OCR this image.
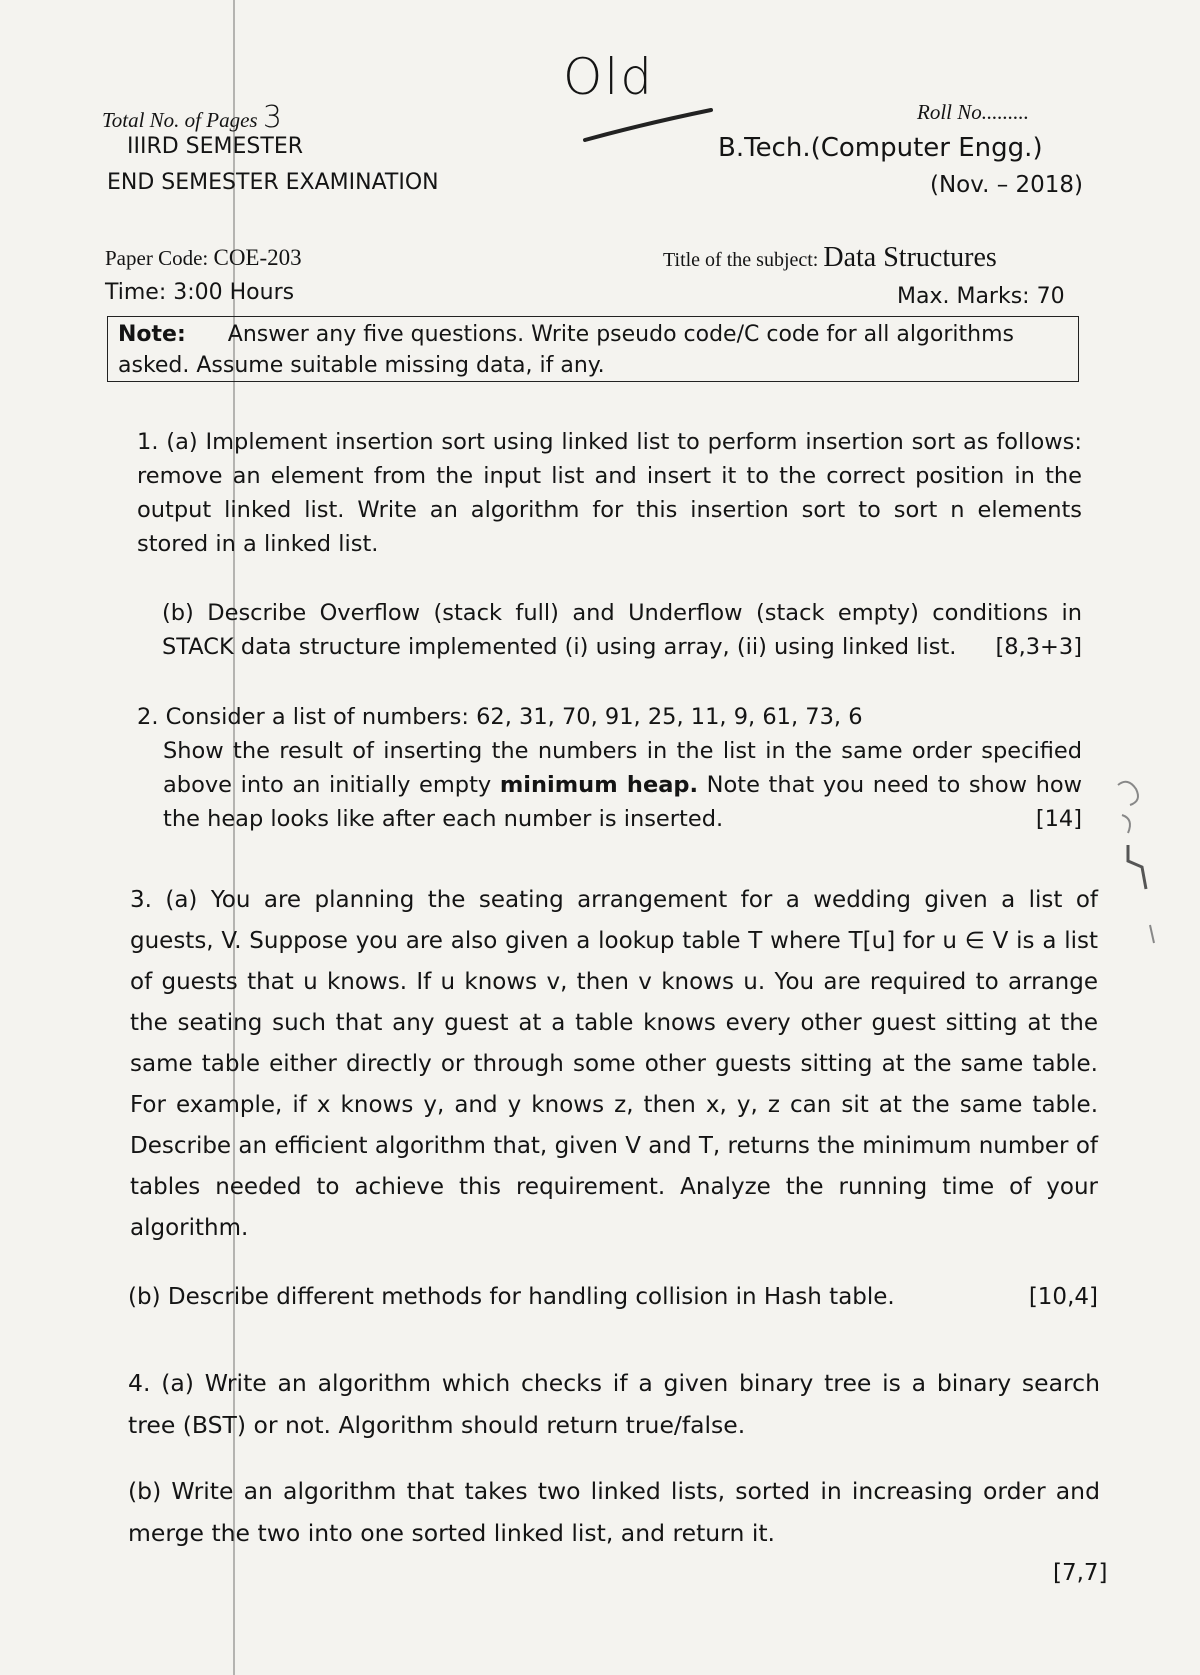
Total No. of Pages 3
IIIRD SEMESTER
END SEMESTER EXAMINATION
Old
Roll No.........
B.Tech.(Computer Engg.)
(Nov. – 2018)
Paper Code: COE-203	Title of the subject: Data Structures
Time: 3:00 Hours	Max. Marks: 70
Note: Answer any five questions. Write pseudo code/C code for all algorithms asked. Assume suitable missing data, if any.

1. (a) Implement insertion sort using linked list to perform insertion sort as follows: remove an element from the input list and insert it to the correct position in the output linked list. Write an algorithm for this insertion sort to sort n elements stored in a linked list.

(b) Describe Overflow (stack full) and Underflow (stack empty) conditions in STACK data structure implemented (i) using array, (ii) using linked list. [8,3+3]

2. Consider a list of numbers: 62, 31, 70, 91, 25, 11, 9, 61, 73, 6

Show the result of inserting the numbers in the list in the same order specified above into an initially empty minimum heap. Note that you need to show how the heap looks like after each number is inserted.	[14]

3. (a) You are planning the seating arrangement for a wedding given a list of guests, V. Suppose you are also given a lookup table T where T[u] for u ∈ V is a list of guests that u knows. If u knows v, then v knows u. You are required to arrange the seating such that any guest at a table knows every other guest sitting at the same table either directly or through some other guests sitting at the same table. For example, if x knows y, and y knows z, then x, y, z can sit at the same table. Describe an efficient algorithm that, given V and T, returns the minimum number of tables needed to achieve this requirement. Analyze the running time of your algorithm.

(b) Describe different methods for handling collision in Hash table.	[10,4]

4. (a) Write an algorithm which checks if a given binary tree is a binary search tree (BST) or not. Algorithm should return true/false.

(b) Write an algorithm that takes two linked lists, sorted in increasing order and merge the two into one sorted linked list, and return it.

[7,7]
